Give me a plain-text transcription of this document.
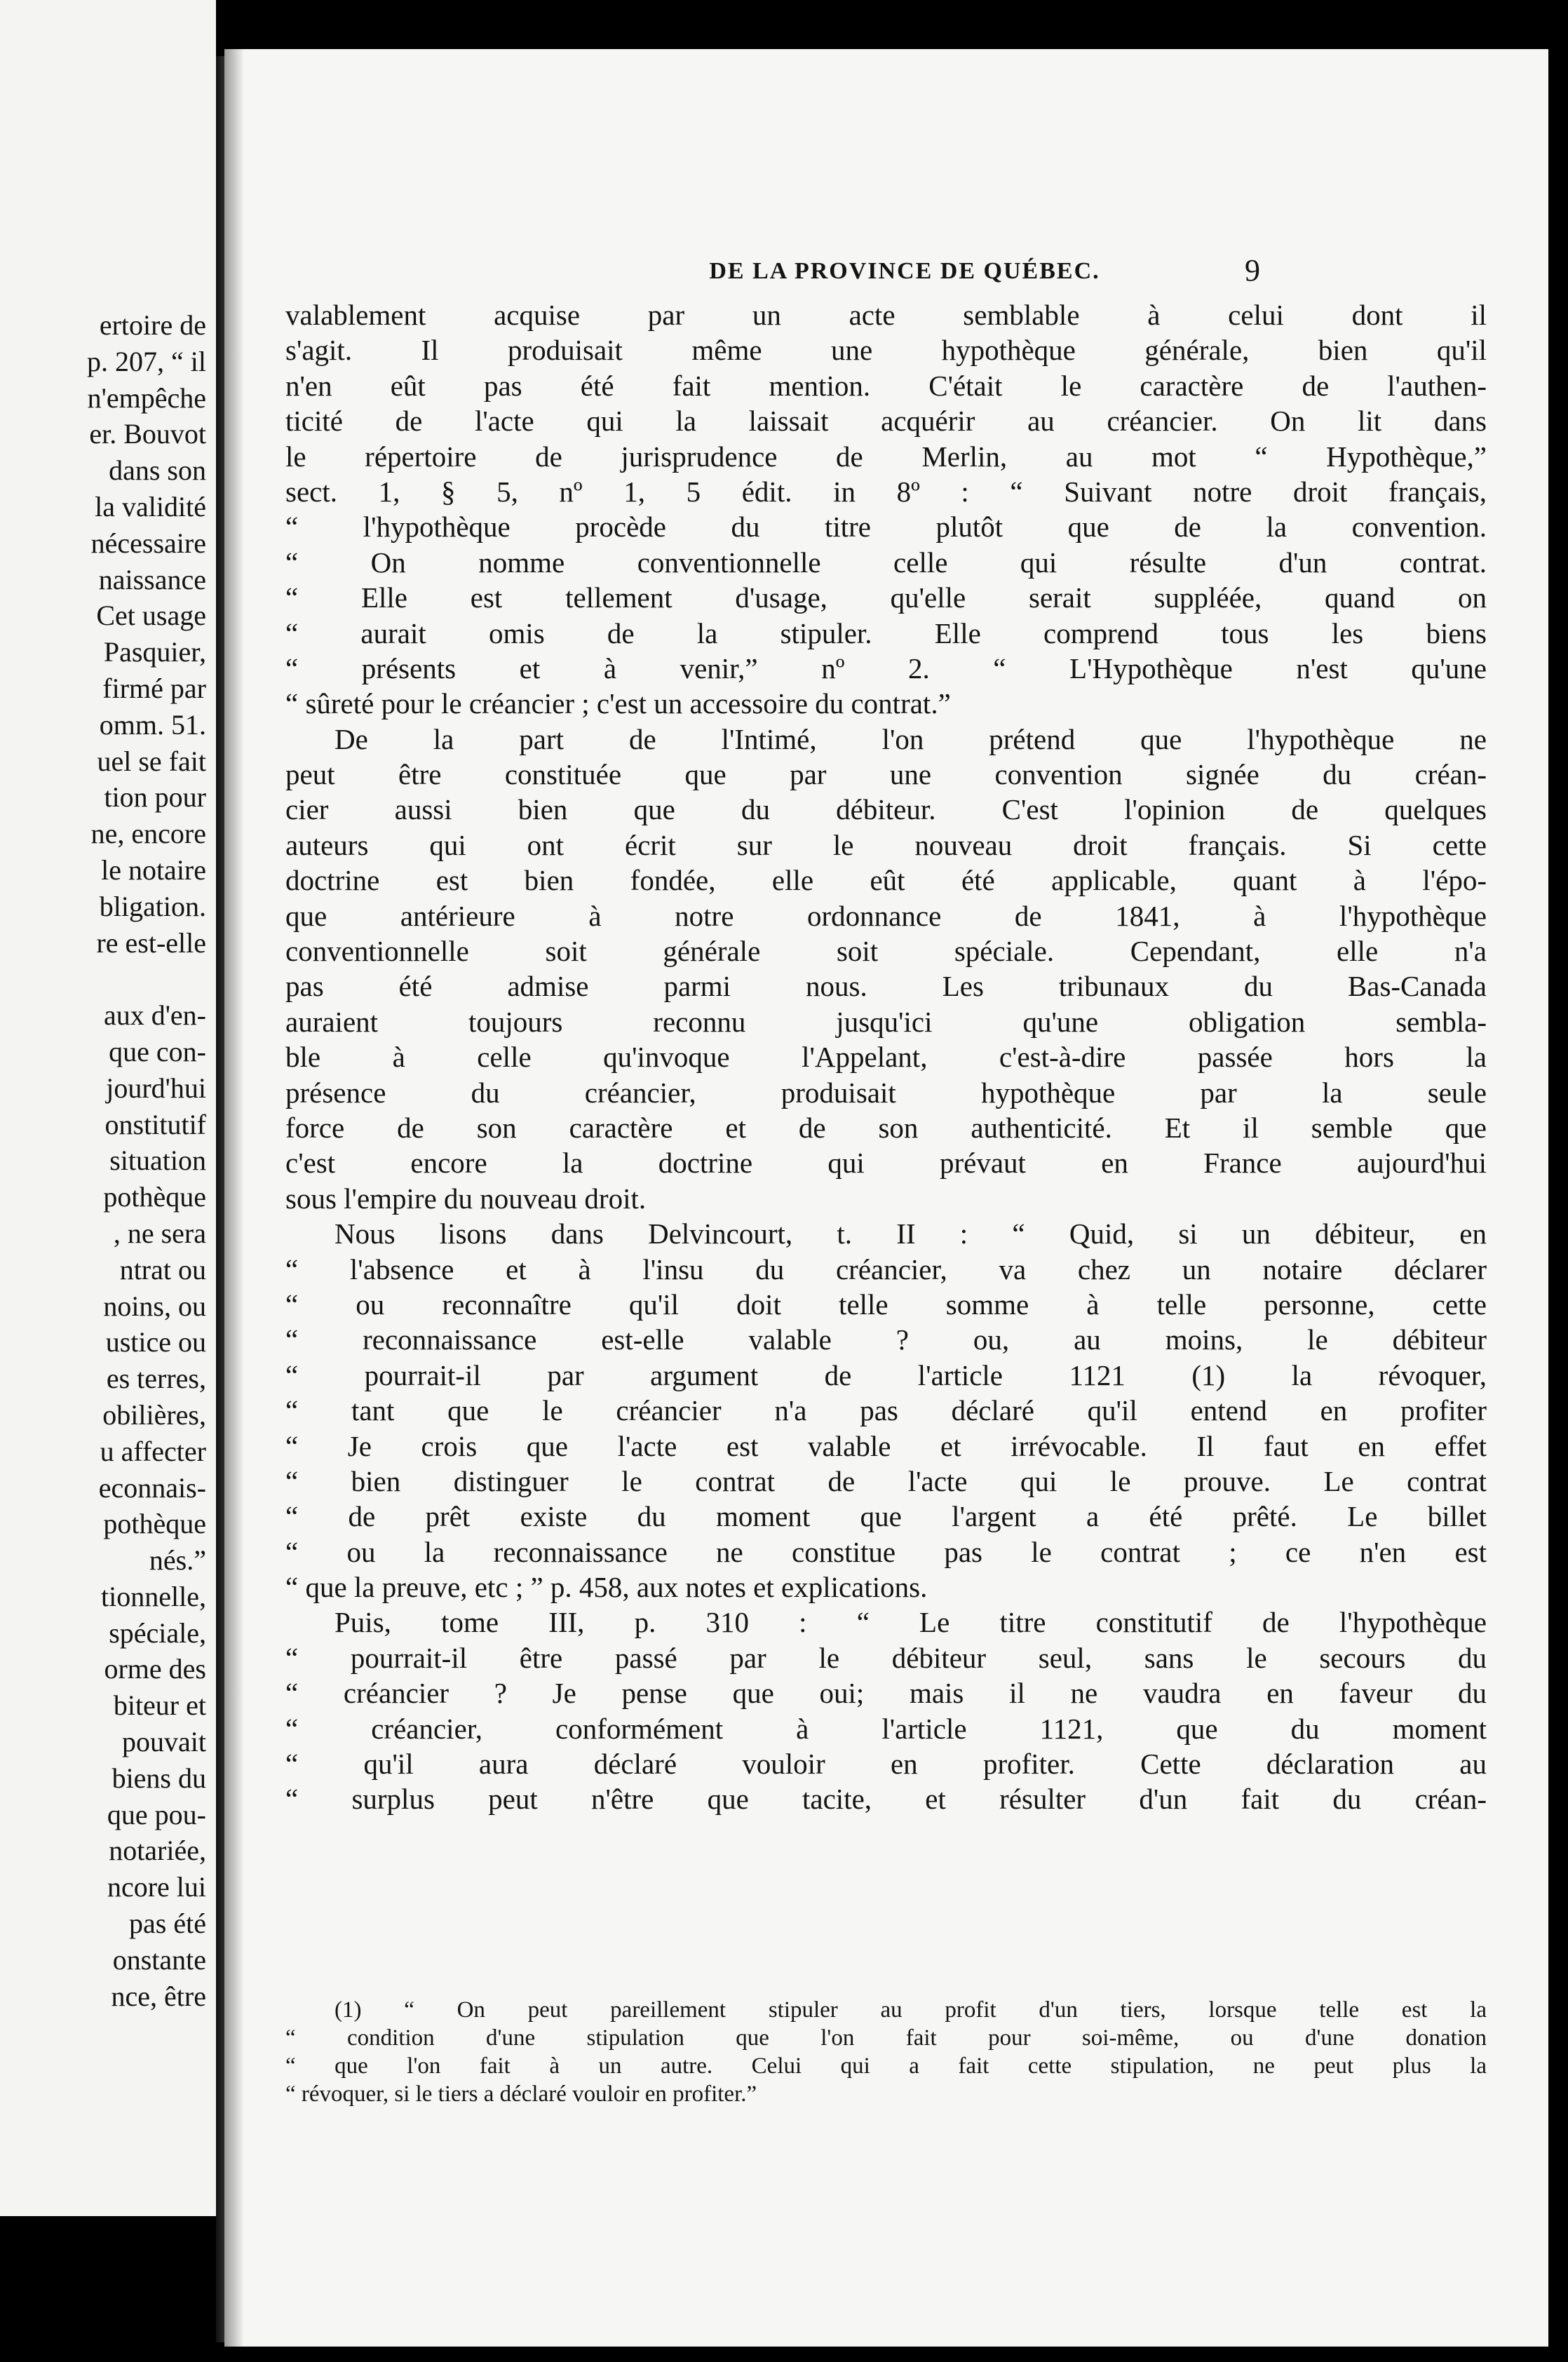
ertoire de
p. 207, “ il
n'empêche
er. Bouvot
dans son
la validité
nécessaire
naissance
Cet usage
Pasquier,
firmé par
omm. 51.
uel se fait
tion pour
ne, encore
le notaire
bligation.
re est-elle
aux d'en-
que con-
jourd'hui
onstitutif
situation
pothèque
, ne sera
ntrat ou
noins, ou
ustice ou
es terres,
obilières,
u affecter
econnais-
pothèque
nés.”
tionnelle,
spéciale,
orme des
biteur et
pouvait
biens du
que pou-
notariée,
ncore lui
pas été
onstante
nce, être
DE LA PROVINCE DE QUÉBEC.	9
valablement acquise par un acte semblable à celui dont il
s'agit. Il produisait même une hypothèque générale, bien qu'il
n'en eût pas été fait mention. C'était le caractère de l'authen-
ticité de l'acte qui la laissait acquérir au créancier. On lit dans
le répertoire de jurisprudence de Merlin, au mot “ Hypothèque,”
sect. 1, § 5, nº 1, 5 édit. in 8º : “ Suivant notre droit français,
“ l'hypothèque procède du titre plutôt que de la convention.
“ On nomme conventionnelle celle qui résulte d'un contrat.
“ Elle est tellement d'usage, qu'elle serait suppléée, quand on
“ aurait omis de la stipuler. Elle comprend tous les biens
“ présents et à venir,” nº 2. “ L'Hypothèque n'est qu'une
“ sûreté pour le créancier ; c'est un accessoire du contrat.”
De la part de l'Intimé, l'on prétend que l'hypothèque ne
peut être constituée que par une convention signée du créan-
cier aussi bien que du débiteur. C'est l'opinion de quelques
auteurs qui ont écrit sur le nouveau droit français. Si cette
doctrine est bien fondée, elle eût été applicable, quant à l'épo-
que antérieure à notre ordonnance de 1841, à l'hypothèque
conventionnelle soit générale soit spéciale. Cependant, elle n'a
pas été admise parmi nous. Les tribunaux du Bas-Canada
auraient toujours reconnu jusqu'ici qu'une obligation sembla-
ble à celle qu'invoque l'Appelant, c'est-à-dire passée hors la
présence du créancier, produisait hypothèque par la seule
force de son caractère et de son authenticité. Et il semble que
c'est encore la doctrine qui prévaut en France aujourd'hui
sous l'empire du nouveau droit.
Nous lisons dans Delvincourt, t. II : “ Quid, si un débiteur, en
“ l'absence et à l'insu du créancier, va chez un notaire déclarer
“ ou reconnaître qu'il doit telle somme à telle personne, cette
“ reconnaissance est-elle valable ? ou, au moins, le débiteur
“ pourrait-il par argument de l'article 1121 (1) la révoquer,
“ tant que le créancier n'a pas déclaré qu'il entend en profiter
“ Je crois que l'acte est valable et irrévocable. Il faut en effet
“ bien distinguer le contrat de l'acte qui le prouve. Le contrat
“ de prêt existe du moment que l'argent a été prêté. Le billet
“ ou la reconnaissance ne constitue pas le contrat ; ce n'en est
“ que la preuve, etc ; ” p. 458, aux notes et explications.
Puis, tome III, p. 310 : “ Le titre constitutif de l'hypothèque
“ pourrait-il être passé par le débiteur seul, sans le secours du
“ créancier ? Je pense que oui; mais il ne vaudra en faveur du
“ créancier, conformément à l'article 1121, que du moment
“ qu'il aura déclaré vouloir en profiter. Cette déclaration au
“ surplus peut n'être que tacite, et résulter d'un fait du créan-
(1) “ On peut pareillement stipuler au profit d'un tiers, lorsque telle est la
“ condition d'une stipulation que l'on fait pour soi-même, ou d'une donation
“ que l'on fait à un autre. Celui qui a fait cette stipulation, ne peut plus la
“ révoquer, si le tiers a déclaré vouloir en profiter.”
